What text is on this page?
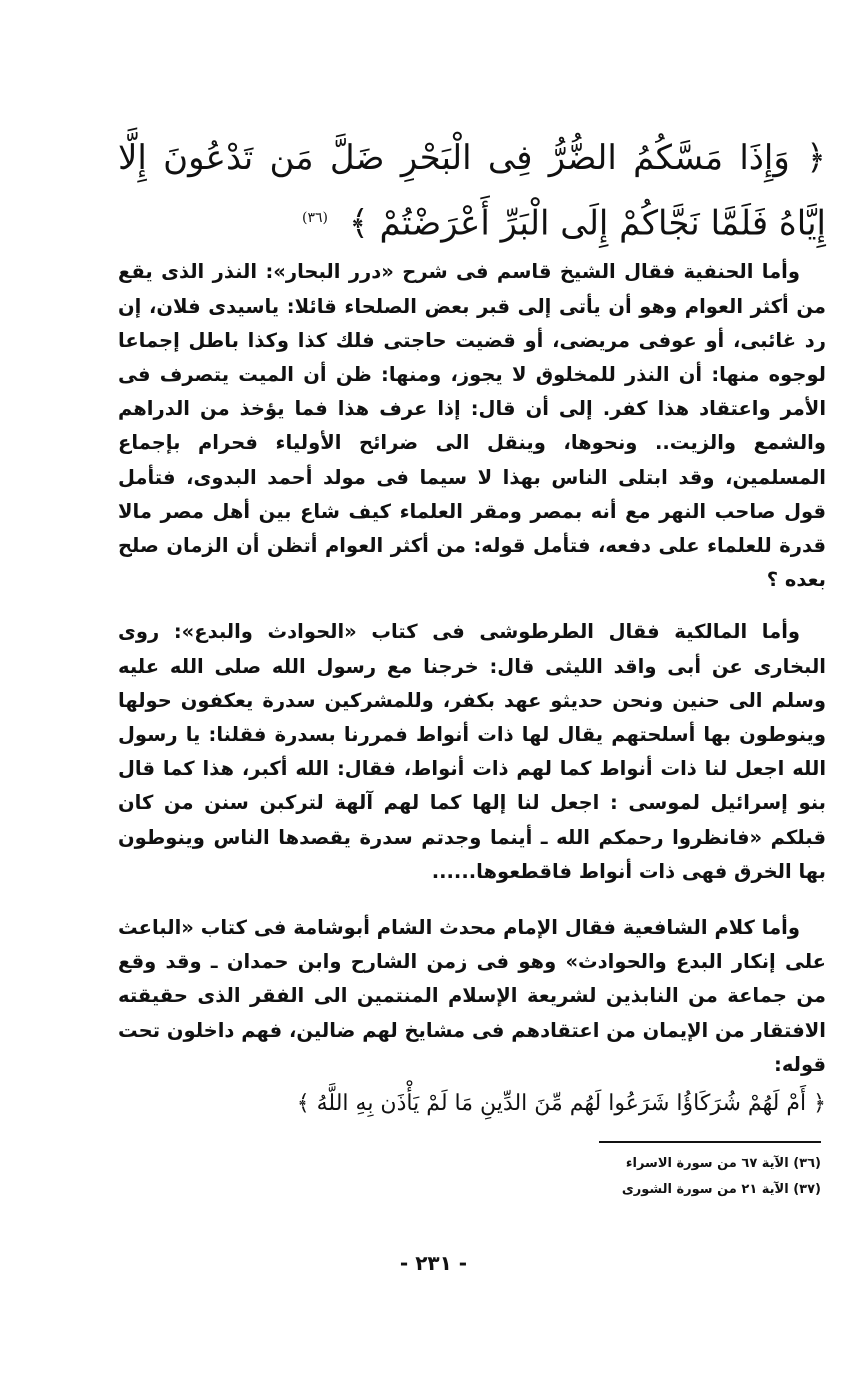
﴿ وَإِذَا مَسَّكُمُ الضُّرُّ فِى الْبَحْرِ ضَلَّ مَن تَدْعُونَ إِلَّا إِيَّاهُ فَلَمَّا نَجَّاكُمْ إِلَى الْبَرِّ أَعْرَضْتُمْ ﴾ $^{(٣٦)}$

وأما الحنفية فقال الشيخ قاسم فى شرح «درر البحار»: النذر الذى يقع من أكثر العوام وهو أن يأتى إلى قبر بعض الصلحاء قائلا: ياسيدى فلان، إن رد غائبى، أو عوفى مريضى، أو قضيت حاجتى فلك كذا وكذا باطل إجماعا لوجوه منها: أن النذر للمخلوق لا يجوز، ومنها: ظن أن الميت يتصرف فى الأمر واعتقاد هذا كفر. إلى أن قال: إذا عرف هذا فما يؤخذ من الدراهم والشمع والزيت.. ونحوها، وينقل الى ضرائح الأولياء فحرام بإجماع المسلمين، وقد ابتلى الناس بهذا لا سيما فى مولد أحمد البدوى، فتأمل قول صاحب النهر مع أنه بمصر ومقر العلماء كيف شاع بين أهل مصر مالا قدرة للعلماء على دفعه، فتأمل قوله: من أكثر العوام أتظن أن الزمان صلح بعده ؟

وأما المالكية فقال الطرطوشى فى كتاب «الحوادث والبدع»: روى البخارى عن أبى واقد الليثى قال: خرجنا مع رسول الله صلى الله عليه وسلم الى حنين ونحن حديثو عهد بكفر، وللمشركين سدرة يعكفون حولها وينوطون بها أسلحتهم يقال لها ذات أنواط فمررنا بسدرة فقلنا: يا رسول الله اجعل لنا ذات أنواط كما لهم ذات أنواط، فقال: الله أكبر، هذا كما قال بنو إسرائيل لموسى : اجعل لنا إلها كما لهم آلهة لتركبن سنن من كان قبلكم «فانظروا رحمكم الله ـ أينما وجدتم سدرة يقصدها الناس وينوطون بها الخرق فهى ذات أنواط فاقطعوها......

وأما كلام الشافعية فقال الإمام محدث الشام أبوشامة فى كتاب «الباعث على إنكار البدع والحوادث» وهو فى زمن الشارح وابن حمدان ـ وقد وقع من جماعة من النابذين لشريعة الإسلام المنتمين الى الفقر الذى حقيقته الافتقار من الإيمان من اعتقادهم فى مشايخ لهم ضالين، فهم داخلون تحت قوله:

﴿ أَمْ لَهُمْ شُرَكَاؤُا شَرَعُوا لَهُم مِّنَ الدِّينِ مَا لَمْ يَأْذَن بِهِ اللَّهُ ﴾

(٣٦) الآية ٦٧ من سورة الاسراء
(٣٧) الآية ٢١ من سورة الشورى
- ٢٣١ -
